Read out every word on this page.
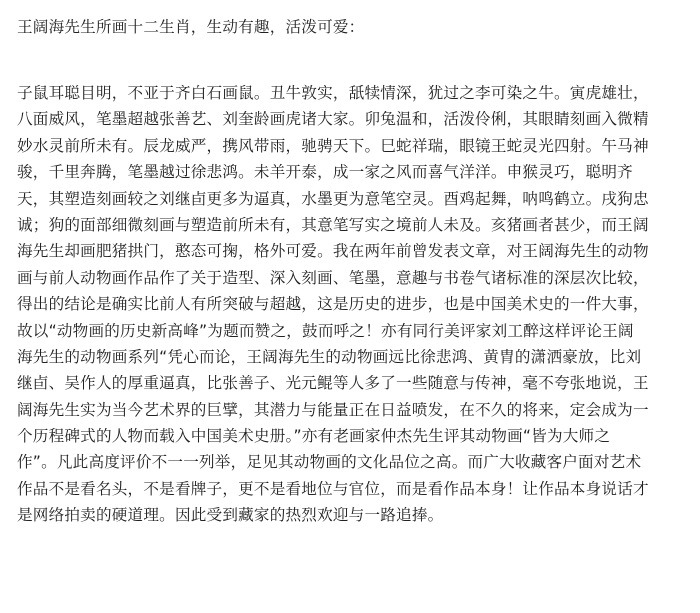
王阔海先生所画十二生肖，生动有趣，活泼可爱：
子鼠耳聪目明，不亚于齐白石画鼠。丑牛敦实，舐犊情深，犹过之李可染之牛。寅虎雄壮，
八面威风，笔墨超越张善艺、刘奎龄画虎诸大家。卯兔温和，活泼伶俐，其眼睛刻画入微精
妙水灵前所未有。辰龙威严，携风带雨，驰骋天下。巳蛇祥瑞，眼镜王蛇灵光四射。午马神
骏，千里奔腾，笔墨越过徐悲鸿。未羊开泰，成一家之风而喜气洋洋。申猴灵巧，聪明齐
天，其塑造刻画较之刘继卣更多为逼真，水墨更为意笔空灵。酉鸡起舞，呐鸣鹤立。戌狗忠
诚；狗的面部细微刻画与塑造前所未有，其意笔写实之境前人未及。亥猪画者甚少，而王阔
海先生却画肥猪拱门，憨态可掬，格外可爱。我在两年前曾发表文章，对王阔海先生的动物
画与前人动物画作品作了关于造型、深入刻画、笔墨，意趣与书卷气诸标准的深层次比较，
得出的结论是确实比前人有所突破与超越，这是历史的进步，也是中国美术史的一件大事，
故以“动物画的历史新高峰”为题而赞之，鼓而呼之！亦有同行美评家刘工醉这样评论王阔
海先生的动物画系列“凭心而论，王阔海先生的动物画远比徐悲鸿、黄胄的潇洒豪放，比刘
继卣、吴作人的厚重逼真，比张善子、光元鲲等人多了一些随意与传神，毫不夸张地说，王
阔海先生实为当今艺术界的巨擘，其潜力与能量正在日益喷发，在不久的将来，定会成为一
个历程碑式的人物而载入中国美术史册。”亦有老画家仲杰先生评其动物画“皆为大师之
作”。凡此高度评价不一一列举，足见其动物画的文化品位之高。而广大收藏客户面对艺术
作品不是看名头，不是看牌子，更不是看地位与官位，而是看作品本身！让作品本身说话才
是网络拍卖的硬道理。因此受到藏家的热烈欢迎与一路追捧。
